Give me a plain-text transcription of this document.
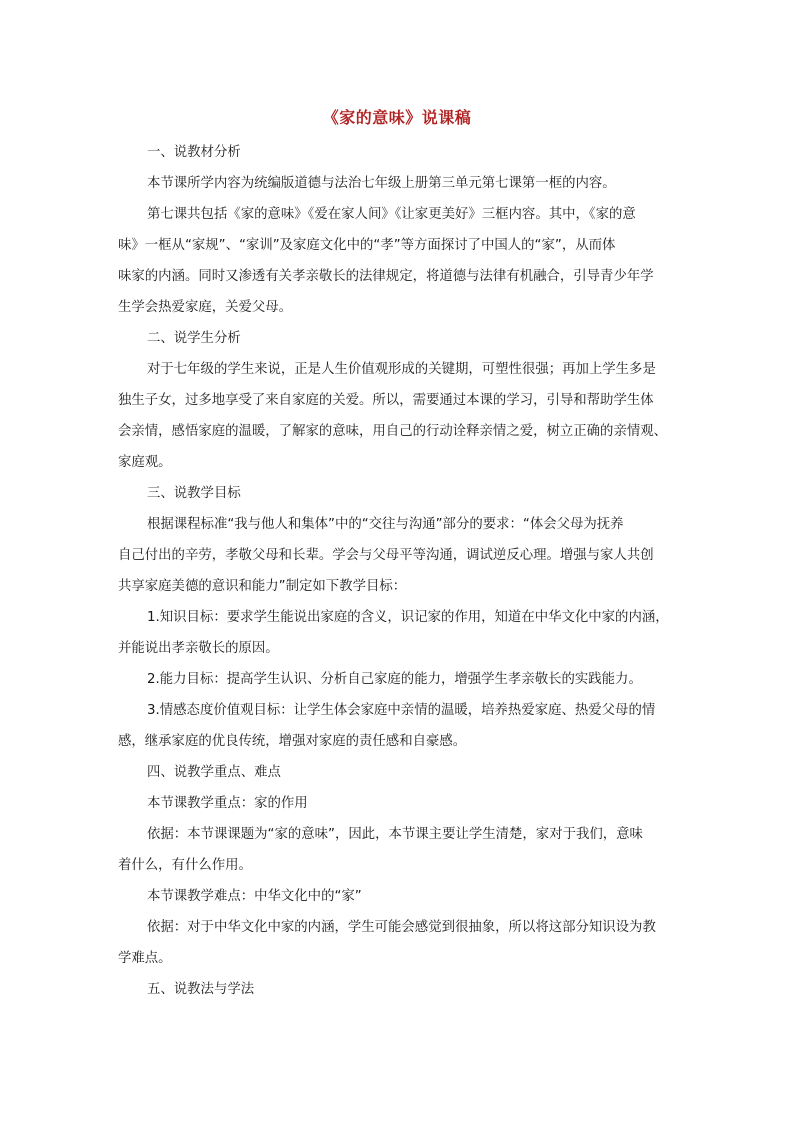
《家的意味》说课稿
一、说教材分析
本节课所学内容为统编版道德与法治七年级上册第三单元第七课第一框的内容。
第七课共包括《家的意味》《爱在家人间》《让家更美好》三框内容。其中，《家的意
味》一框从“家规”、“家训”及家庭文化中的“孝”等方面探讨了中国人的“家”，从而体
味家的内涵。同时又渗透有关孝亲敬长的法律规定，将道德与法律有机融合，引导青少年学
生学会热爱家庭，关爱父母。
二、说学生分析
对于七年级的学生来说，正是人生价值观形成的关键期，可塑性很强；再加上学生多是
独生子女，过多地享受了来自家庭的关爱。所以，需要通过本课的学习，引导和帮助学生体
会亲情，感悟家庭的温暖，了解家的意味，用自己的行动诠释亲情之爱，树立正确的亲情观、
家庭观。
三、说教学目标
根据课程标准“我与他人和集体”中的“交往与沟通”部分的要求：“体会父母为抚养
自己付出的辛劳，孝敬父母和长辈。学会与父母平等沟通，调试逆反心理。增强与家人共创
共享家庭美德的意识和能力”制定如下教学目标：
1.知识目标：要求学生能说出家庭的含义，识记家的作用，知道在中华文化中家的内涵，
并能说出孝亲敬长的原因。
2.能力目标：提高学生认识、分析自己家庭的能力，增强学生孝亲敬长的实践能力。
3.情感态度价值观目标：让学生体会家庭中亲情的温暖，培养热爱家庭、热爱父母的情
感，继承家庭的优良传统，增强对家庭的责任感和自豪感。
四、说教学重点、难点
本节课教学重点：家的作用
依据：本节课课题为“家的意味”，因此，本节课主要让学生清楚，家对于我们，意味
着什么，有什么作用。
本节课教学难点：中华文化中的“家”
依据：对于中华文化中家的内涵，学生可能会感觉到很抽象，所以将这部分知识设为教
学难点。
五、说教法与学法
